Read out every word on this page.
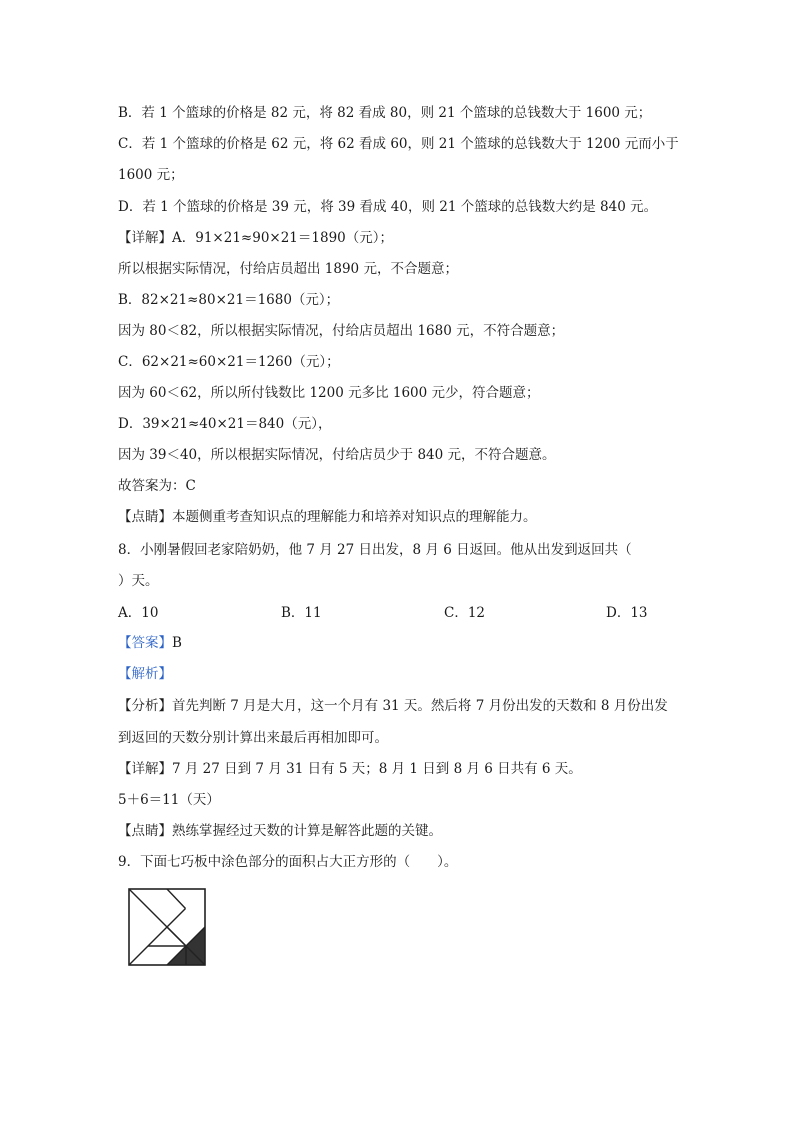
B．若 1 个篮球的价格是 82 元，将 82 看成 80，则 21 个篮球的总钱数大于 1600 元；
C．若 1 个篮球的价格是 62 元，将 62 看成 60，则 21 个篮球的总钱数大于 1200 元而小于
1600 元；
D．若 1 个篮球的价格是 39 元，将 39 看成 40，则 21 个篮球的总钱数大约是 840 元。
【详解】A．91×21≈90×21＝1890（元）；
所以根据实际情况，付给店员超出 1890 元，不合题意；
B．82×21≈80×21＝1680（元）；
因为 80＜82，所以根据实际情况，付给店员超出 1680 元，不符合题意；
C．62×21≈60×21＝1260（元）；
因为 60＜62，所以所付钱数比 1200 元多比 1600 元少，符合题意；
D．39×21≈40×21＝840（元），
因为 39＜40，所以根据实际情况，付给店员少于 840 元，不符合题意。
故答案为：C
【点睛】本题侧重考查知识点的理解能力和培养对知识点的理解能力。
8．小刚暑假回老家陪奶奶，他 7 月 27 日出发，8 月 6 日返回。他从出发到返回共（
）天。
A．10	B．11	C．12	D．13
【答案】B
【解析】
【分析】首先判断 7 月是大月，这一个月有 31 天。然后将 7 月份出发的天数和 8 月份出发
到返回的天数分别计算出来最后再相加即可。
【详解】7 月 27 日到 7 月 31 日有 5 天；8 月 1 日到 8 月 6 日共有 6 天。
5＋6＝11（天）
【点睛】熟练掌握经过天数的计算是解答此题的关键。
9．下面七巧板中涂色部分的面积占大正方形的（　　）。
